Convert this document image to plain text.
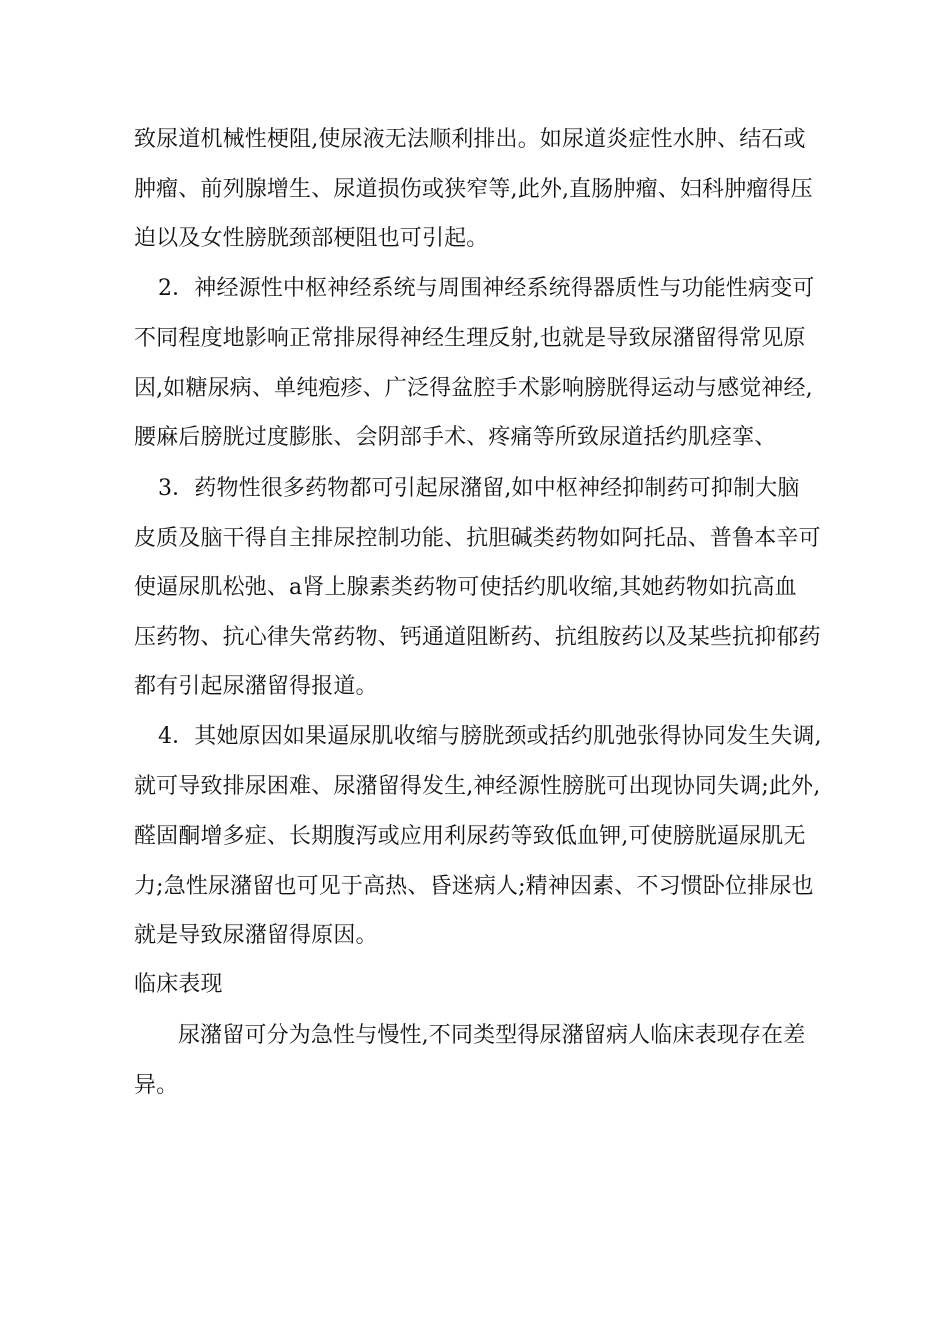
致尿道机械性梗阻,使尿液无法顺利排出。如尿道炎症性水肿、结石或
肿瘤、前列腺增生、尿道损伤或狭窄等,此外,直肠肿瘤、妇科肿瘤得压
迫以及女性膀胱颈部梗阻也可引起。
2．神经源性中枢神经系统与周围神经系统得器质性与功能性病变可
不同程度地影响正常排尿得神经生理反射,也就是导致尿潴留得常见原
因,如糖尿病、单纯疱疹、广泛得盆腔手术影响膀胱得运动与感觉神经,
腰麻后膀胱过度膨胀、会阴部手术、疼痛等所致尿道括约肌痉挛、
3．药物性很多药物都可引起尿潴留,如中枢神经抑制药可抑制大脑
皮质及脑干得自主排尿控制功能、抗胆碱类药物如阿托品、普鲁本辛可
使逼尿肌松弛、a肾上腺素类药物可使括约肌收缩,其她药物如抗高血
压药物、抗心律失常药物、钙通道阻断药、抗组胺药以及某些抗抑郁药
都有引起尿潴留得报道。
4．其她原因如果逼尿肌收缩与膀胱颈或括约肌弛张得协同发生失调,
就可导致排尿困难、尿潴留得发生,神经源性膀胱可出现协同失调;此外,
醛固酮增多症、长期腹泻或应用利尿药等致低血钾,可使膀胱逼尿肌无
力;急性尿潴留也可见于高热、昏迷病人;精神因素、不习惯卧位排尿也
就是导致尿潴留得原因。
临床表现
尿潴留可分为急性与慢性,不同类型得尿潴留病人临床表现存在差
异。
